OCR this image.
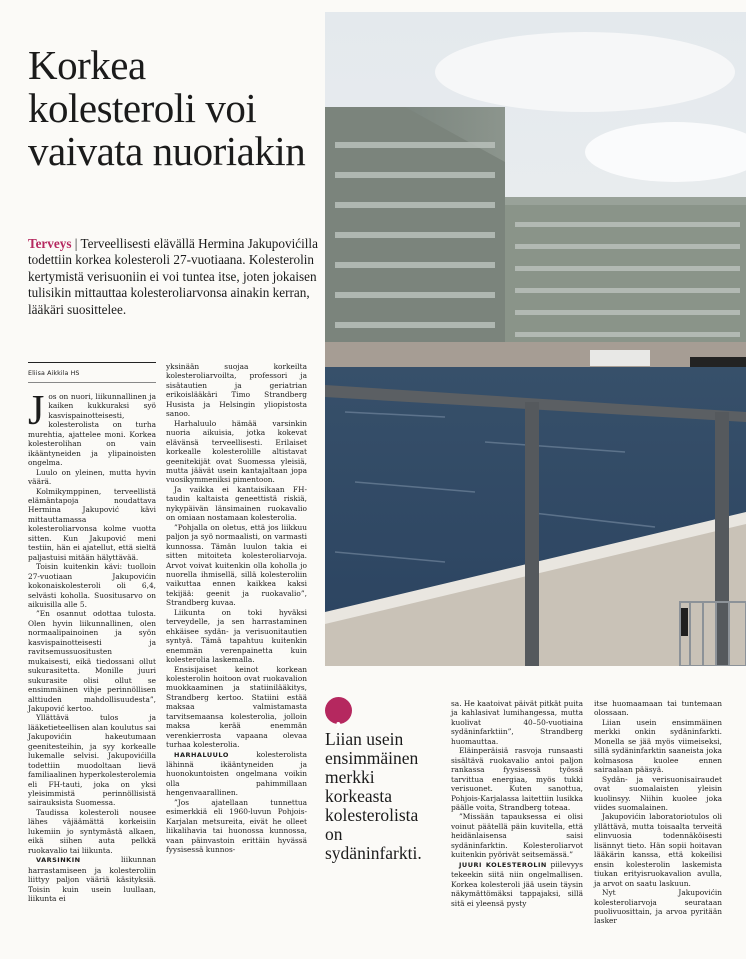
Korkea kolesteroli voi vaivata nuoriakin

Terveys | Terveellisesti elävällä Hermina Jakupovićilla todettiin korkea kolesteroli 27-vuotiaana. Kolesterolin kertymistä verisuoniin ei voi tuntea itse, joten jokaisen tulisikin mittauttaa kolesteroliarvonsa ainakin kerran, lääkäri suosittelee.

Eliisa Aikkila HS

Jos on nuori, liikunnallinen ja kaiken kukkuraksi syö kasvispainotteisesti, kolesterolista on turha murehtia, ajattelee moni. Korkea kolesterolihan on vain ikääntyneiden ja ylipainoisten ongelma.

Luulo on yleinen, mutta hyvin väärä.

Kolmikymppinen, terveellistä elämäntapoja noudattava Hermina Jakupović kävi mittauttamassa kolesteroliarvonsa kolme vuotta sitten. Kun Jakupović meni testiin, hän ei ajatellut, että sieltä paljastuisi mitään hälyttävää.

Toisin kuitenkin kävi: tuolloin 27-vuotiaan Jakupovićin kokonaiskolesteroli oli 6,4, selvästi koholla. Suositusarvo on aikuisilla alle 5.

”En osannut odottaa tulosta. Olen hyvin liikunnallinen, olen normaalipainoinen ja syön kasvispainotteisesti ja ravitsemussuositusten mukaisesti, eikä tiedossani ollut sukurasitetta. Monille juuri sukurasite olisi ollut se ensimmäinen vihje perinnöllisen alttiuden mahdollisuudesta”, Jakupović kertoo.

Yllättävä tulos ja lääketieteellisen alan koulutus sai Jakupovićin hakeutumaan geenitesteihin, ja syy korkealle lukemalle selvisi. Jakupovićilla todettiin muodoltaan lievä familiaalinen hyperkolesterolemia eli FH-tauti, joka on yksi yleisimmistä perinnöllisistä sairauksista Suomessa.

Taudissa kolesteroli nousee lähes väjäämättä korkeisiin lukemiin jo syntymästä alkaen, eikä siihen auta pelkkä ruokavalio tai liikunta.

VARSINKIN liikunnan harrastamiseen ja kolesteroliin liittyy paljon vääriä käsityksiä. Toisin kuin usein luullaan, liikunta ei

yksinään suojaa korkeilta kolesteroliarvoilta, professori ja sisätautien ja geriatrian erikoislääkäri Timo Strandberg Husista ja Helsingin yliopistosta sanoo.

Harhaluulo hämää varsinkin nuoria aikuisia, jotka kokevat elävänsä terveellisesti. Erilaiset korkealle kolesterolille altistavat geenitekijät ovat Suomessa yleisiä, mutta jäävät usein kantajaltaan jopa vuosikymmeniksi pimentoon.

Ja vaikka ei kantaisikaan FH-taudin kaltaista geneettistä riskiä, nykypäivän länsimainen ruokavalio on omiaan nostamaan kolesterolia.

”Pohjalla on oletus, että jos liikkuu paljon ja syö normaalisti, on varmasti kunnossa. Tämän luulon takia ei sitten mitoiteta kolesteroliarvoja. Arvot voivat kuitenkin olla koholla jo nuorella ihmisellä, sillä kolesteroliin vaikuttaa ennen kaikkea kaksi tekijää: geenit ja ruokavalio”, Strandberg kuvaa.

Liikunta on toki hyväksi terveydelle, ja sen harrastaminen ehkäisee sydän- ja verisuonitautien syntyä. Tämä tapahtuu kuitenkin enemmän verenpainetta kuin kolesterolia laskemalla.

Ensisijaiset keinot korkean kolesterolin hoitoon ovat ruokavalion muokkaaminen ja statiinilääkitys, Strandberg kertoo. Statiini estää maksaa valmistamasta tarvitsemaansa kolesterolia, jolloin maksa kerää enemmän verenkierrosta vapaana olevaa turhaa kolesterolia.

HARHALUULO kolesterolista lähinnä ikääntyneiden ja huonokuntoisten ongelmana voikin olla pahimmillaan hengenvaarallinen.

”Jos ajatellaan tunnettua esimerkkiä eli 1960-luvun Pohjois-Karjalan metsureita, eivät he olleet liikalihavia tai huonossa kunnossa, vaan päinvastoin erittäin hyvässä fyysisessä kunnos-

sa. He kaatoivat päivät pitkät puita ja kahlasivat lumihangessa, mutta kuolivat 40–50-vuotiaina sydäninfarktiin”, Strandberg huomauttaa.

Eläinperäisiä rasvoja runsaasti sisältävä ruokavalio antoi paljon rankassa fyysisessä työssä tarvittua energiaa, myös tukki verisuonet. Kuten sanottua, Pohjois-Karjalassa laitettiin lusikka päälle voita, Strandberg toteaa.

”Missään tapauksessa ei olisi voinut päätellä päin kuvitella, että heidänlaisensa saisi sydäninfarktin. Kolesteroliarvot kuitenkin pyörivät seitsemässä.”

JUURI KOLESTEROLIN piilevyys tekeekin siitä niin ongelmallisen. Korkea kolesteroli jää usein täysin näkymättömäksi tappajaksi, sillä sitä ei yleensä pysty

itse huomaamaan tai tuntemaan olossaan.

Liian usein ensimmäinen merkki onkin sydäninfarkti. Monella se jää myös viimeiseksi, sillä sydäninfarktin saaneista joka kolmasosa kuolee ennen sairaalaan pääsyä.

Sydän- ja verisuonisairaudet ovat suomalaisten yleisin kuolinsyy. Niihin kuolee joka viides suomalainen.

Jakupovićin laboratoriotulos oli yllättävä, mutta toisaalta terveitä elinvuosia todennäköisesti lisännyt tieto. Hän sopii hoitavan lääkärin kanssa, että kokeilisi ensin kolesterolin laskemista tiukan erityisruokavalion avulla, ja arvot on saatu laskuun.

Nyt Jakupovićin kolesteroliarvoja seurataan puolivuosittain, ja arvoa pyritään lasker

,

Liian usein ensimmäinen merkki korkeasta kolesterolista on sydäninfarkti.
